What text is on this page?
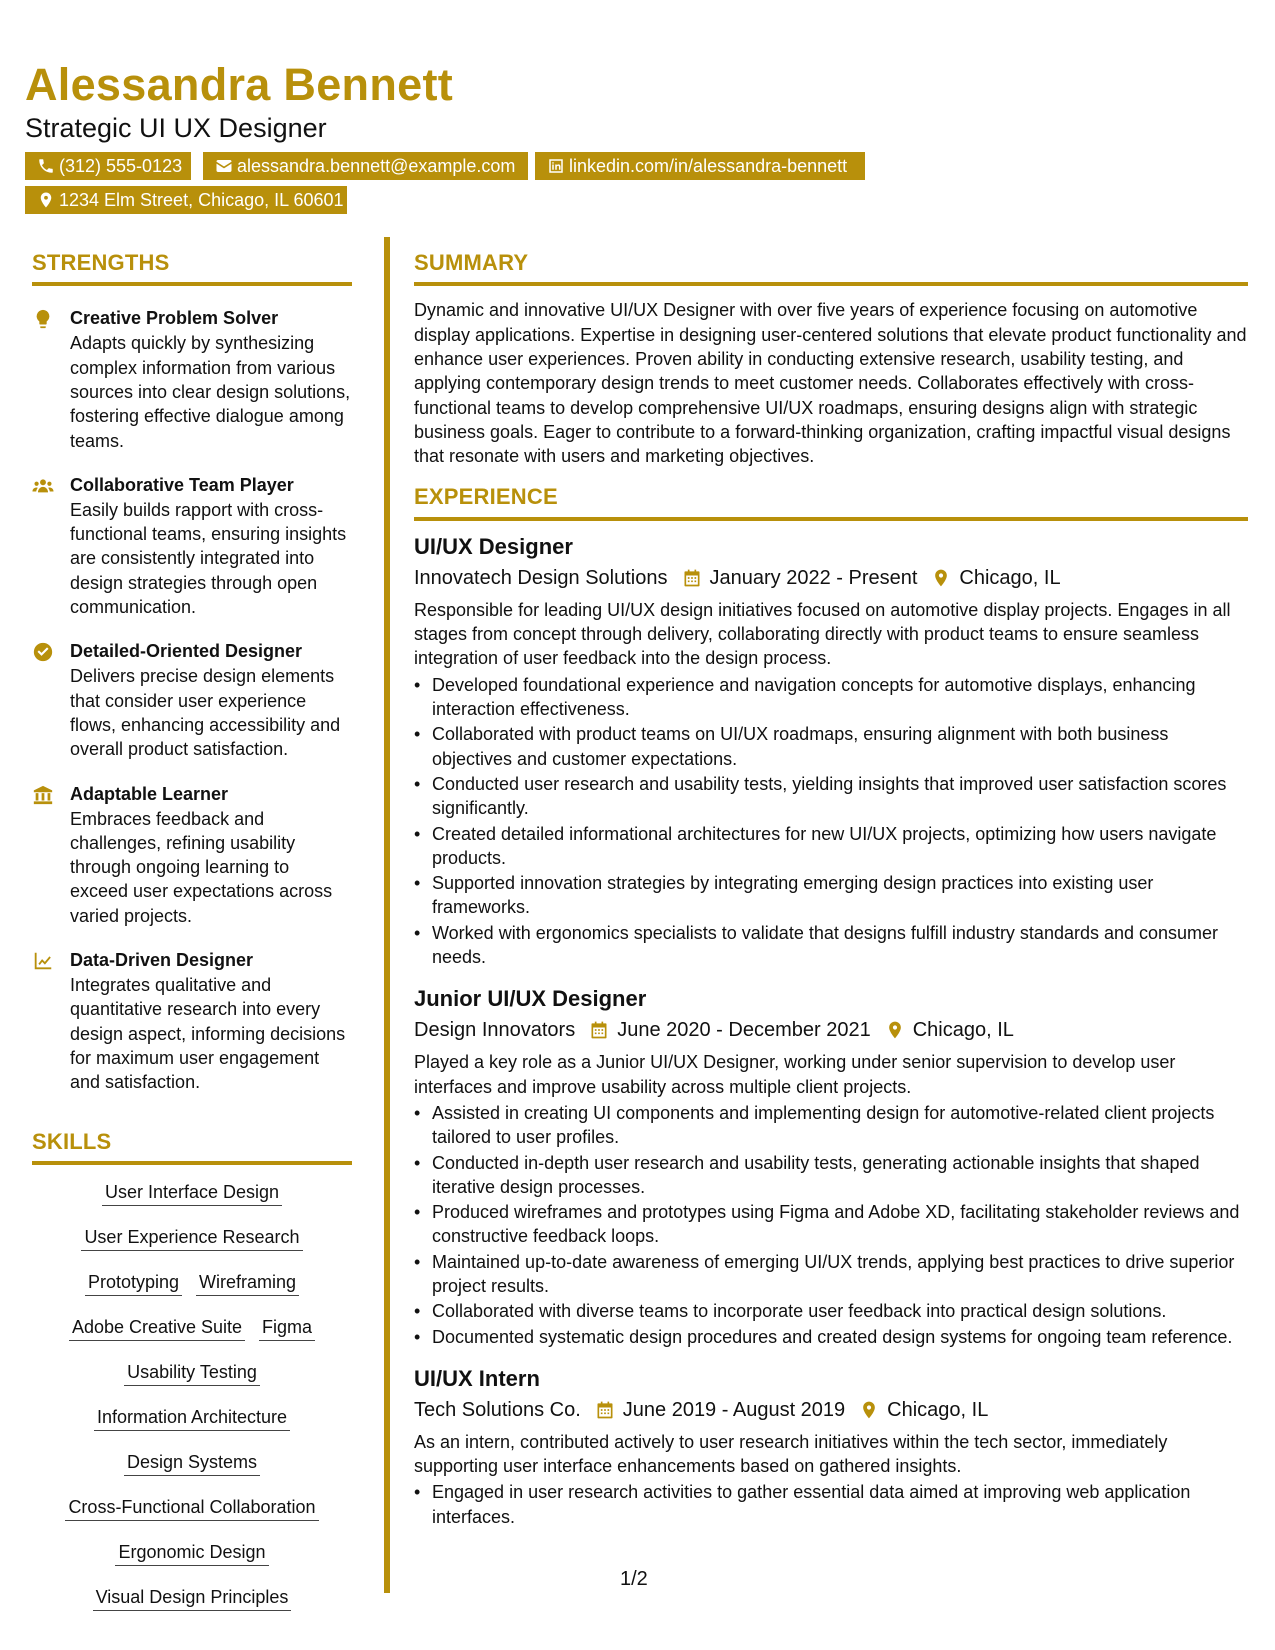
Alessandra Bennett
Strategic UI UX Designer
(312) 555-0123	alessandra.bennett@example.com	linkedin.com/in/alessandra-bennett
1234 Elm Street, Chicago, IL 60601
STRENGTHS
Creative Problem Solver
Adapts quickly by synthesizing complex information from various sources into clear design solutions, fostering effective dialogue among teams.
Collaborative Team Player
Easily builds rapport with cross-functional teams, ensuring insights are consistently integrated into design strategies through open communication.
Detailed-Oriented Designer
Delivers precise design elements that consider user experience flows, enhancing accessibility and overall product satisfaction.
Adaptable Learner
Embraces feedback and challenges, refining usability through ongoing learning to exceed user expectations across varied projects.
Data-Driven Designer
Integrates qualitative and quantitative research into every design aspect, informing decisions for maximum user engagement and satisfaction.
SKILLS
User Interface Design
User Experience Research
Prototyping Wireframing
Adobe Creative Suite Figma
Usability Testing
Information Architecture
Design Systems
Cross-Functional Collaboration
Ergonomic Design
Visual Design Principles
SUMMARY
Dynamic and innovative UI/UX Designer with over five years of experience focusing on automotive display applications. Expertise in designing user-centered solutions that elevate product functionality and enhance user experiences. Proven ability in conducting extensive research, usability testing, and applying contemporary design trends to meet customer needs. Collaborates effectively with cross-functional teams to develop comprehensive UI/UX roadmaps, ensuring designs align with strategic business goals. Eager to contribute to a forward-thinking organization, crafting impactful visual designs that resonate with users and marketing objectives.
EXPERIENCE
UI/UX Designer
Innovatech Design Solutions January 2022 - Present Chicago, IL
Responsible for leading UI/UX design initiatives focused on automotive display projects. Engages in all stages from concept through delivery, collaborating directly with product teams to ensure seamless integration of user feedback into the design process.
• Developed foundational experience and navigation concepts for automotive displays, enhancing interaction effectiveness.
• Collaborated with product teams on UI/UX roadmaps, ensuring alignment with both business objectives and customer expectations.
• Conducted user research and usability tests, yielding insights that improved user satisfaction scores significantly.
• Created detailed informational architectures for new UI/UX projects, optimizing how users navigate products.
• Supported innovation strategies by integrating emerging design practices into existing user frameworks.
• Worked with ergonomics specialists to validate that designs fulfill industry standards and consumer needs.
Junior UI/UX Designer
Design Innovators June 2020 - December 2021 Chicago, IL
Played a key role as a Junior UI/UX Designer, working under senior supervision to develop user interfaces and improve usability across multiple client projects.
• Assisted in creating UI components and implementing design for automotive-related client projects tailored to user profiles.
• Conducted in-depth user research and usability tests, generating actionable insights that shaped iterative design processes.
• Produced wireframes and prototypes using Figma and Adobe XD, facilitating stakeholder reviews and constructive feedback loops.
• Maintained up-to-date awareness of emerging UI/UX trends, applying best practices to drive superior project results.
• Collaborated with diverse teams to incorporate user feedback into practical design solutions.
• Documented systematic design procedures and created design systems for ongoing team reference.
UI/UX Intern
Tech Solutions Co. June 2019 - August 2019 Chicago, IL
As an intern, contributed actively to user research initiatives within the tech sector, immediately supporting user interface enhancements based on gathered insights.
• Engaged in user research activities to gather essential data aimed at improving web application interfaces.
1/2
